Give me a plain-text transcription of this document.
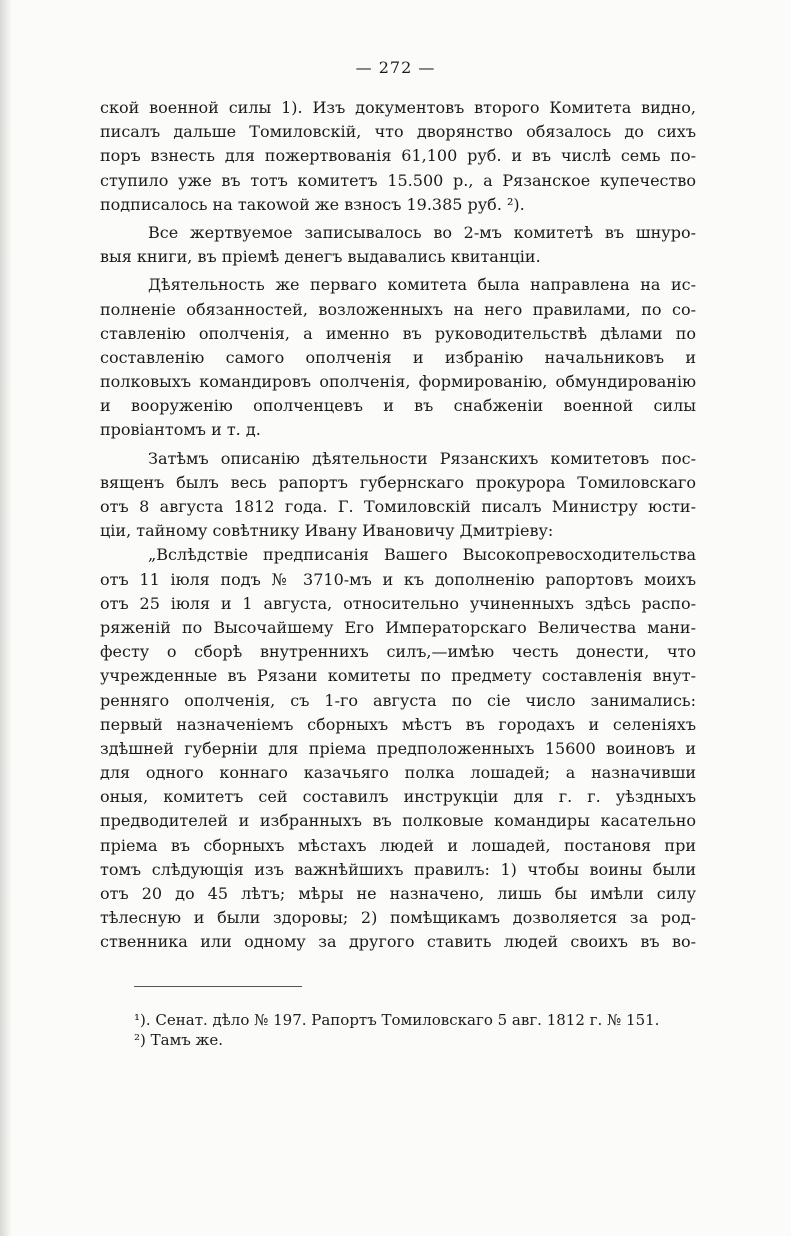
— 272 —
ской военной силы 1). Изъ документовъ второго Комитета видно,
писалъ дальше Томиловскій, что дворянство обязалось до сихъ
поръ взнесть для пожертвованія 61,100 руб. и въ числѣ семь по-
ступило уже въ тотъ комитетъ 15.500 р., а Рязанское купечество
подписалось на такowой же взносъ 19.385 руб. ²).
Все жертвуемое записывалось во 2-мъ комитетѣ въ шнуро-
выя книги, въ пріемѣ денегъ выдавались квитанціи.
Дѣятельность же перваго комитета была направлена на ис-
полненіе обязанностей, возложенныхъ на него правилами, по со-
ставленію ополченія, а именно въ руководительствѣ дѣлами по
составленію самого ополченія и избранію начальниковъ и
полковыхъ командировъ ополченія, формированію, обмундированію
и вооруженію ополченцевъ и въ снабженіи военной силы
провіантомъ и т. д.
Затѣмъ описанію дѣятельности Рязанскихъ комитетовъ пос-
вященъ былъ весь рапортъ губернскаго прокурора Томиловскаго
отъ 8 августа 1812 года. Г. Томиловскій писалъ Министру юсти-
ціи, тайному совѣтнику Ивану Ивановичу Дмитріеву:
„Вслѣдствіе предписанія Вашего Высокопревосходительства
отъ 11 іюля подъ № 3710-мъ и къ дополненію рапортовъ моихъ
отъ 25 іюля и 1 августа, относительно учиненныхъ здѣсь распо-
ряженій по Высочайшему Его Императорскаго Величества мани-
фесту о сборѣ внутреннихъ силъ,—имѣю честь донести, что
учрежденные въ Рязани комитеты по предмету составленія внут-
ренняго ополченія, съ 1-го августа по сіе число занимались:
первый назначеніемъ сборныхъ мѣстъ въ городахъ и селеніяхъ
здѣшней губерніи для пріема предположенныхъ 15600 воиновъ и
для одного коннаго казачьяго полка лошадей; а назначивши
оныя, комитетъ сей составилъ инструкціи для г. г. уѣздныхъ
предводителей и избранныхъ въ полковые командиры касательно
пріема въ сборныхъ мѣстахъ людей и лошадей, постановя при
томъ слѣдующія изъ важнѣйшихъ правилъ: 1) чтобы воины были
отъ 20 до 45 лѣтъ; мѣры не назначено, лишь бы имѣли силу
тѣлесную и были здоровы; 2) помѣщикамъ дозволяется за род-
ственника или одному за другого ставить людей своихъ въ во-
¹). Сенат. дѣло № 197. Рапортъ Томиловскаго 5 авг. 1812 г. № 151.
²) Тамъ же.
